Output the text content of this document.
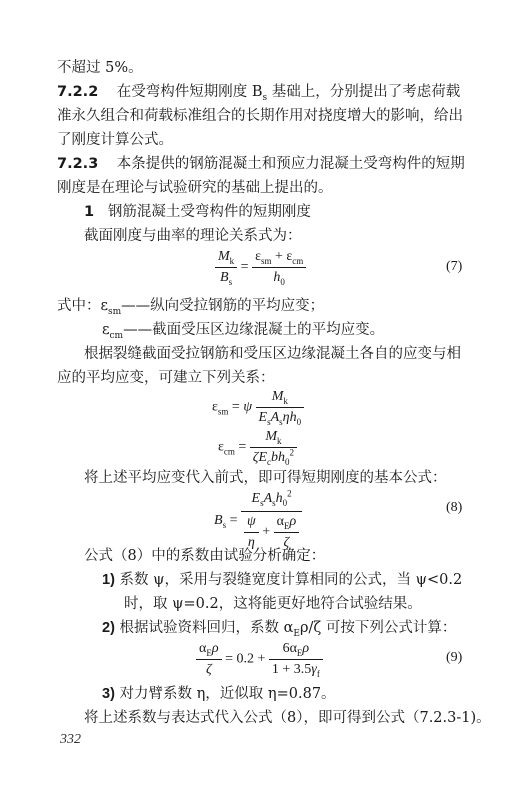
不超过 5%。
7.2.2 在受弯构件短期刚度 $B_s$ 基础上，分别提出了考虑荷载
准永久组合和荷载标准组合的长期作用对挠度增大的影响，给出
了刚度计算公式。
7.2.3 本条提供的钢筋混凝土和预应力混凝土受弯构件的短期
刚度是在理论与试验研究的基础上提出的。
1 钢筋混凝土受弯构件的短期刚度
截面刚度与曲率的理论关系式为：
$\frac{M_k}{B_s} = \frac{\varepsilon_{sm} + \varepsilon_{cm}}{h_0}$	(7)
式中：$\varepsilon_{sm}——$纵向受拉钢筋的平均应变；
$\varepsilon_{cm}——$截面受压区边缘混凝土的平均应变。
根据裂缝截面受拉钢筋和受压区边缘混凝土各自的应变与相
应的平均应变，可建立下列关系：
$\varepsilon_{sm} = \psi \frac{M_k}{E_sA_s\eta h_0}$
$\varepsilon_{cm} = \frac{M_k}{\zeta E_cbh_0^2}$
将上述平均应变代入前式，即可得短期刚度的基本公式：
$B_s = \frac{E_sA_sh_0^2}{\frac{\psi}{\eta} + \frac{\alpha_E\rho}{\zeta}}$	(8)
公式（8）中的系数由试验分析确定：
1) 系数 ψ，采用与裂缝宽度计算相同的公式，当 ψ<0.2
时，取 ψ=0.2，这将能更好地符合试验结果。
2) 根据试验资料回归，系数 $\alpha_E\rho/\zeta$ 可按下列公式计算：
$\frac{\alpha_E\rho}{\zeta} = 0.2 + \frac{6\alpha_E\rho}{1 + 3.5\gamma_f}$	(9)
3) 对力臂系数 η，近似取 η=0.87。
将上述系数与表达式代入公式（8），即可得到公式（7.2.3-1)。
332
